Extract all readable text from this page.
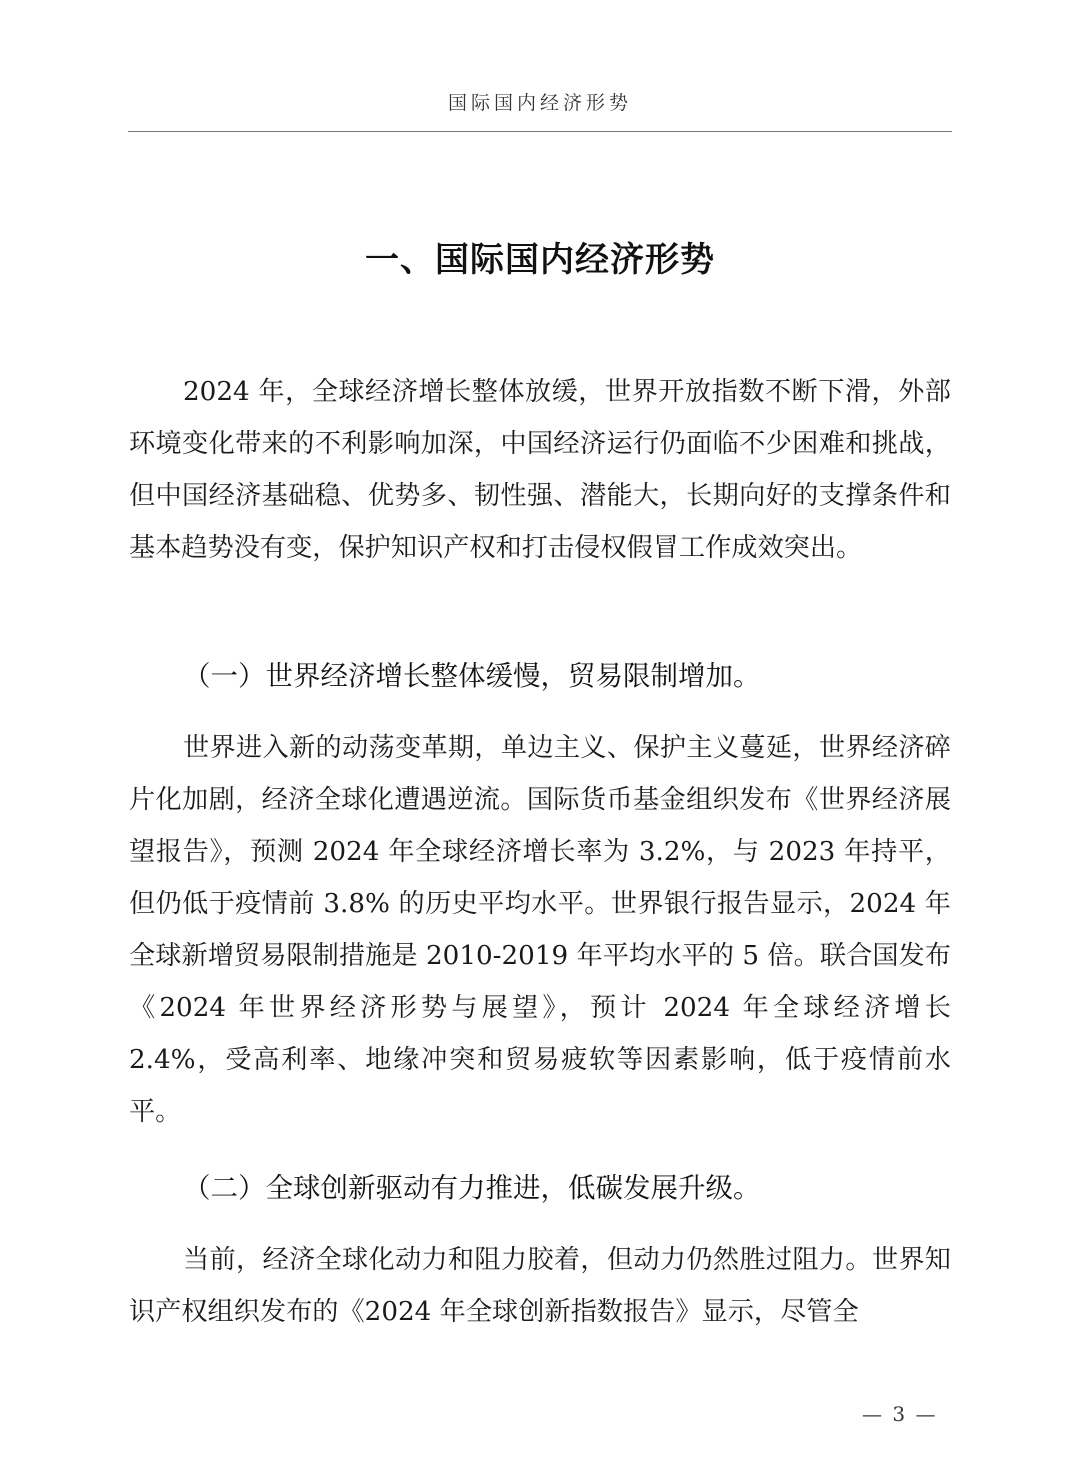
国际国内经济形势
一、国际国内经济形势

2024 年，全球经济增长整体放缓，世界开放指数不断下滑，外部环境变化带来的不利影响加深，中国经济运行仍面临不少困难和挑战，但中国经济基础稳、优势多、韧性强、潜能大，长期向好的支撑条件和基本趋势没有变，保护知识产权和打击侵权假冒工作成效突出。

（一）世界经济增长整体缓慢，贸易限制增加。

世界进入新的动荡变革期，单边主义、保护主义蔓延，世界经济碎片化加剧，经济全球化遭遇逆流。国际货币基金组织发布《世界经济展望报告》，预测 2024 年全球经济增长率为 3.2%，与 2023 年持平，但仍低于疫情前 3.8% 的历史平均水平。世界银行报告显示，2024 年全球新增贸易限制措施是 2010-2019 年平均水平的 5 倍。联合国发布《2024 年世界经济形势与展望》，预计 2024 年全球经济增长 2.4%，受高利率、地缘冲突和贸易疲软等因素影响，低于疫情前水平。

（二）全球创新驱动有力推进，低碳发展升级。

当前，经济全球化动力和阻力胶着，但动力仍然胜过阻力。世界知识产权组织发布的《2024 年全球创新指数报告》显示，尽管全

— 3 —
